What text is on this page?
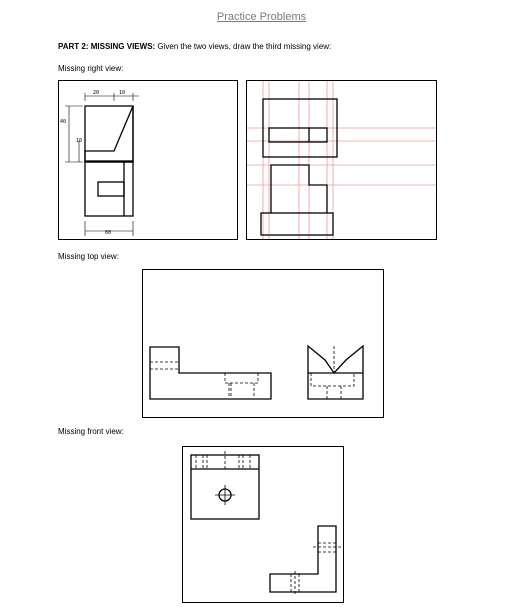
Practice Problems
PART 2: MISSING VIEWS: Given the two views, draw the third missing view:
Missing right view:
20	10
40
10
60
Missing top view:
Missing front view:
